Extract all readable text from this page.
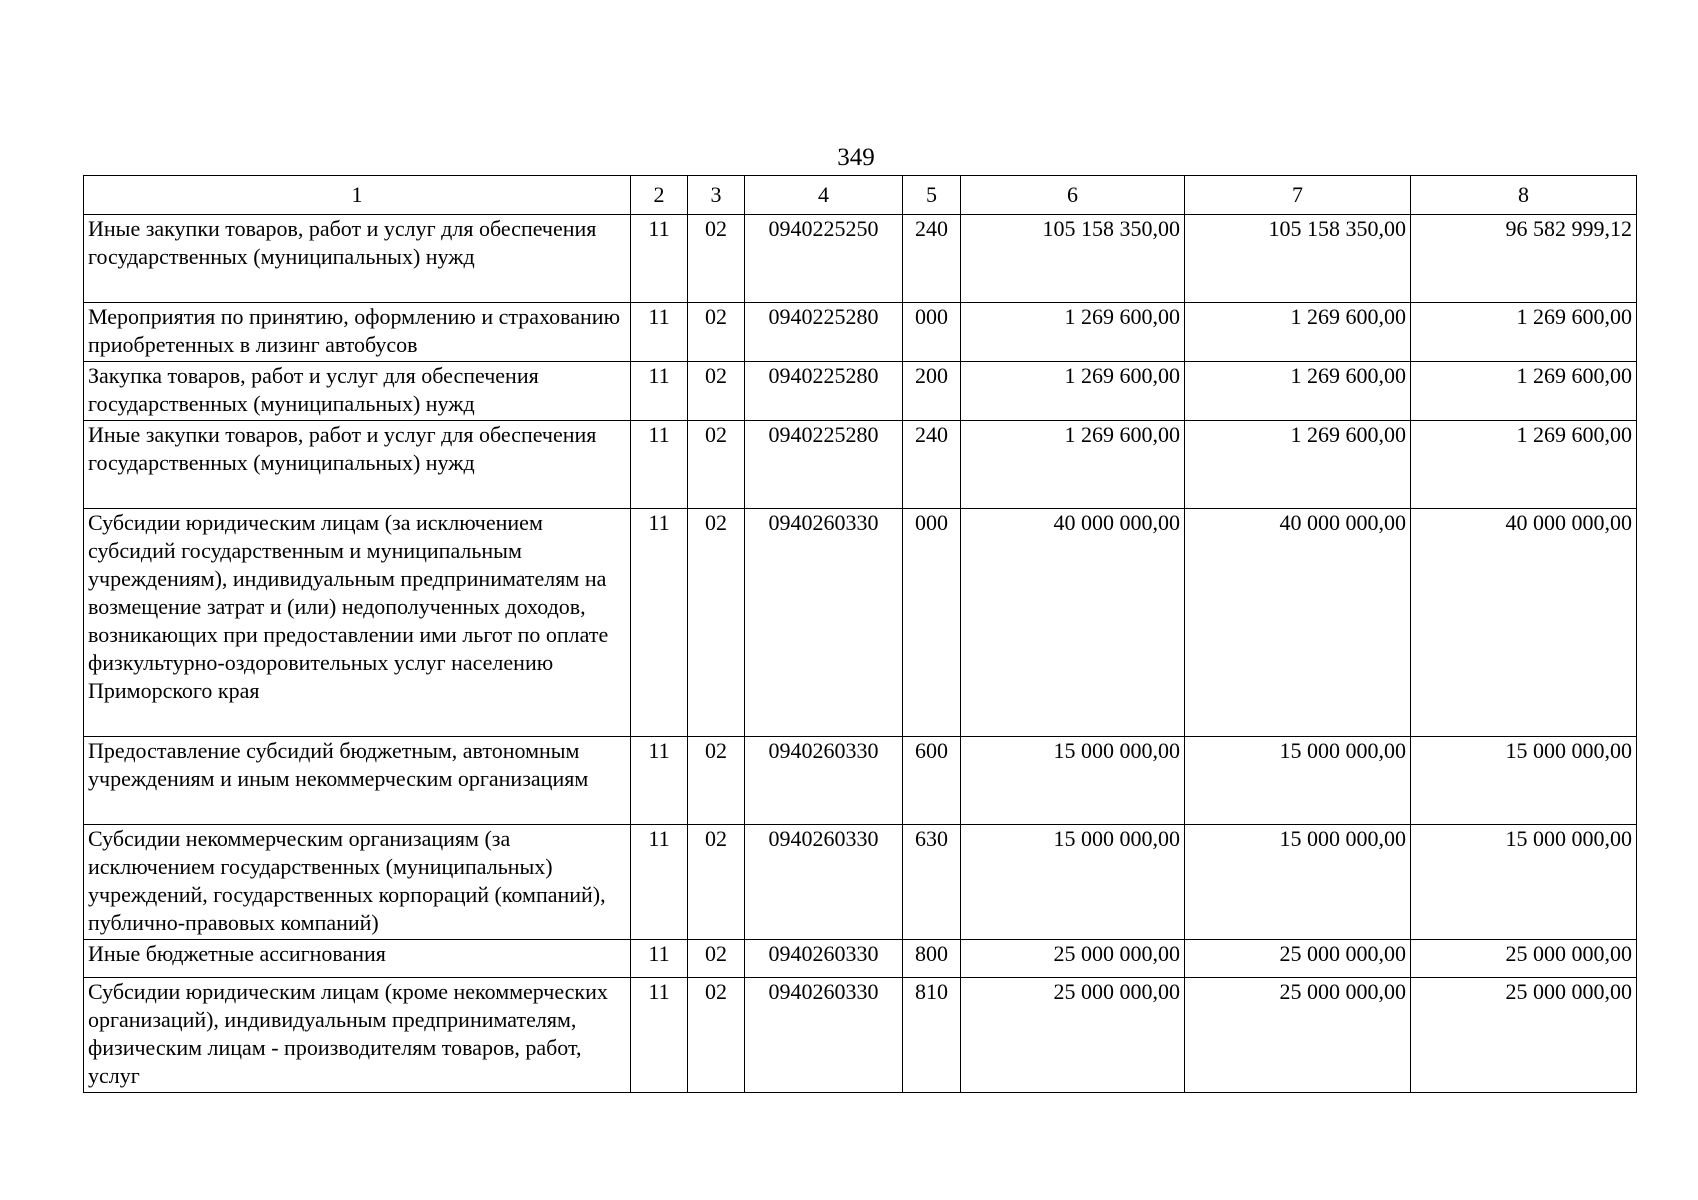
349
1	2	3	4	5	6	7	8
Иные закупки товаров, работ и услуг для обеспечения государственных (муниципальных) нужд	11	02	0940225250	240	105 158 350,00	105 158 350,00	96 582 999,12
Мероприятия по принятию, оформлению и страхованию приобретенных в лизинг автобусов	11	02	0940225280	000	1 269 600,00	1 269 600,00	1 269 600,00
Закупка товаров, работ и услуг для обеспечения государственных (муниципальных) нужд	11	02	0940225280	200	1 269 600,00	1 269 600,00	1 269 600,00
Иные закупки товаров, работ и услуг для обеспечения государственных (муниципальных) нужд	11	02	0940225280	240	1 269 600,00	1 269 600,00	1 269 600,00
Субсидии юридическим лицам (за исключением субсидий государственным и муниципальным учреждениям), индивидуальным предпринимателям на возмещение затрат и (или) недополученных доходов, возникающих при предоставлении ими льгот по оплате физкультурно-оздоровительных услуг населению Приморского края	11	02	0940260330	000	40 000 000,00	40 000 000,00	40 000 000,00
Предоставление субсидий бюджетным, автономным учреждениям и иным некоммерческим организациям	11	02	0940260330	600	15 000 000,00	15 000 000,00	15 000 000,00
Субсидии некоммерческим организациям (за исключением государственных (муниципальных) учреждений, государственных корпораций (компаний), публично-правовых компаний)	11	02	0940260330	630	15 000 000,00	15 000 000,00	15 000 000,00
Иные бюджетные ассигнования	11	02	0940260330	800	25 000 000,00	25 000 000,00	25 000 000,00
Субсидии юридическим лицам (кроме некоммерческих организаций), индивидуальным предпринимателям, физическим лицам - производителям товаров, работ, услуг	11	02	0940260330	810	25 000 000,00	25 000 000,00	25 000 000,00
